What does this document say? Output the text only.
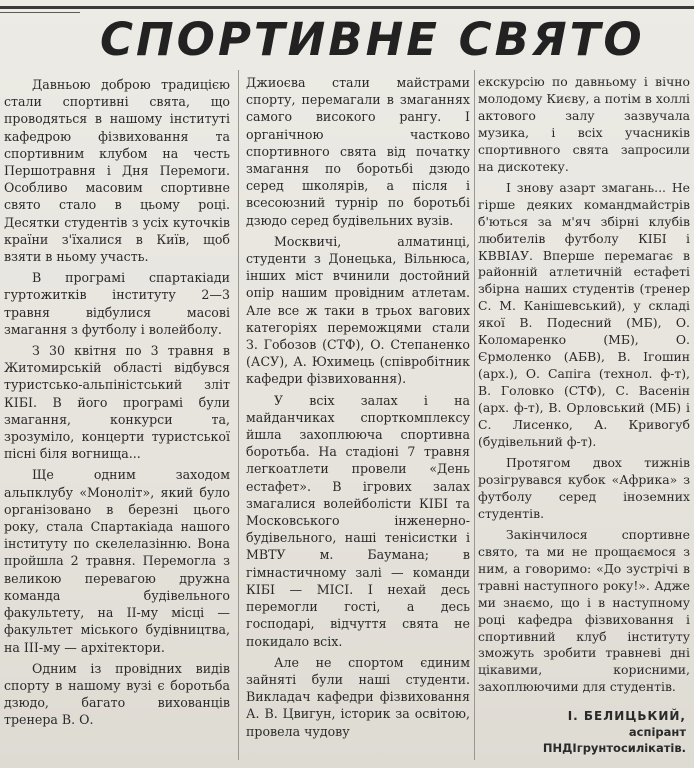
СПОРТИВНЕ СВЯТО

Давньою доброю традицією стали спортивні свята, що проводяться в нашому інституті кафедрою фізвиховання та спортивним клубом на честь Першотравня і Дня Перемоги. Особливо масовим спортивне свято стало в цьому році. Десятки студентів з усіх куточків країни з'їхалися в Київ, щоб взяти в ньому участь.

В програмі спартакіади гуртожитків інституту 2—3 травня відбулися масові змагання з футболу і волейболу.

З 30 квітня по 3 травня в Житомирській області відбувся туристсько-альпіністський зліт КІБІ. В його програмі були змагання, конкурси та, зрозуміло, концерти туристської пісні біля вогнища...

Ще одним заходом альпклубу «Моноліт», який було організовано в березні цього року, стала Спартакіада нашого інституту по скелелазінню. Вона пройшла 2 травня. Перемогла з великою перевагою дружна команда будівельного факультету, на II-му місці — факультет міського будівництва, на III-му — архітектори.

Одним із провідних видів спорту в нашому вузі є боротьба дзюдо, багато вихованців тренера В. О.

Джиоєва стали майстрами спорту, перемагали в змаганнях самого високого рангу. І органічною частково спортивного свята від початку змагання по боротьбі дзюдо серед школярів, а після і всесоюзний турнір по боротьбі дзюдо серед будівельних вузів.

Москвичі, алматинці, студенти з Донецька, Вільнюса, інших міст вчинили достойний опір нашим провідним атлетам. Але все ж таки в трьох вагових категоріях переможцями стали З. Гобозов (СТФ), О. Степаненко (АСУ), А. Юхимець (співробітник кафедри фізвиховання).

У всіх залах і на майданчиках спорткомплексу йшла захоплююча спортивна боротьба. На стадіоні 7 травня легкоатлети провели «День естафет». В ігрових залах змагалися волейболісти КІБІ та Московського інженерно-будівельного, наші тенісистки і МВТУ м. Баумана; в гімнастичному залі — команди КІБІ — МІСІ. І нехай десь перемогли гості, а десь господарі, відчуття свята не покидало всіх.

Але не спортом єдиним зайняті були наші студенти. Викладач кафедри фізвиховання А. В. Цвигун, історик за освітою, провела чудову

екскурсію по давньому і вічно молодому Києву, а потім в холлі актового залу зазвучала музика, і всіх учасників спортивного свята запросили на дискотеку.

І знову азарт змагань... Не гірше деяких командмайстрів б'ються за м'яч збірні клубів любителів футболу КІБІ і КВВІАУ. Вперше перемагає в районній атлетичній естафеті збірна наших студентів (тренер С. М. Канішевський), у складі якої В. Подесний (МБ), О. Коломаренко (МБ), О. Єрмоленко (АБВ), В. Ігошин (арх.), О. Сапіга (технол. ф-т), В. Головко (СТФ), С. Васенін (арх. ф-т), В. Орловський (МБ) і С. Лисенко, А. Кривогуб (будівельний ф-т).

Протягом двох тижнів розігрувався кубок «Африка» з футболу серед іноземних студентів.

Закінчилося спортивне свято, та ми не прощаємося з ним, а говоримо: «До зустрічі в травні наступного року!». Адже ми знаємо, що і в наступному році кафедра фізвиховання і спортивний клуб інституту зможуть зробити травневі дні цікавими, корисними, захоплюючими для студентів.

І. БЕЛИЦЬКИЙ,
аспірант ПНДІгрунтосилікатів.
